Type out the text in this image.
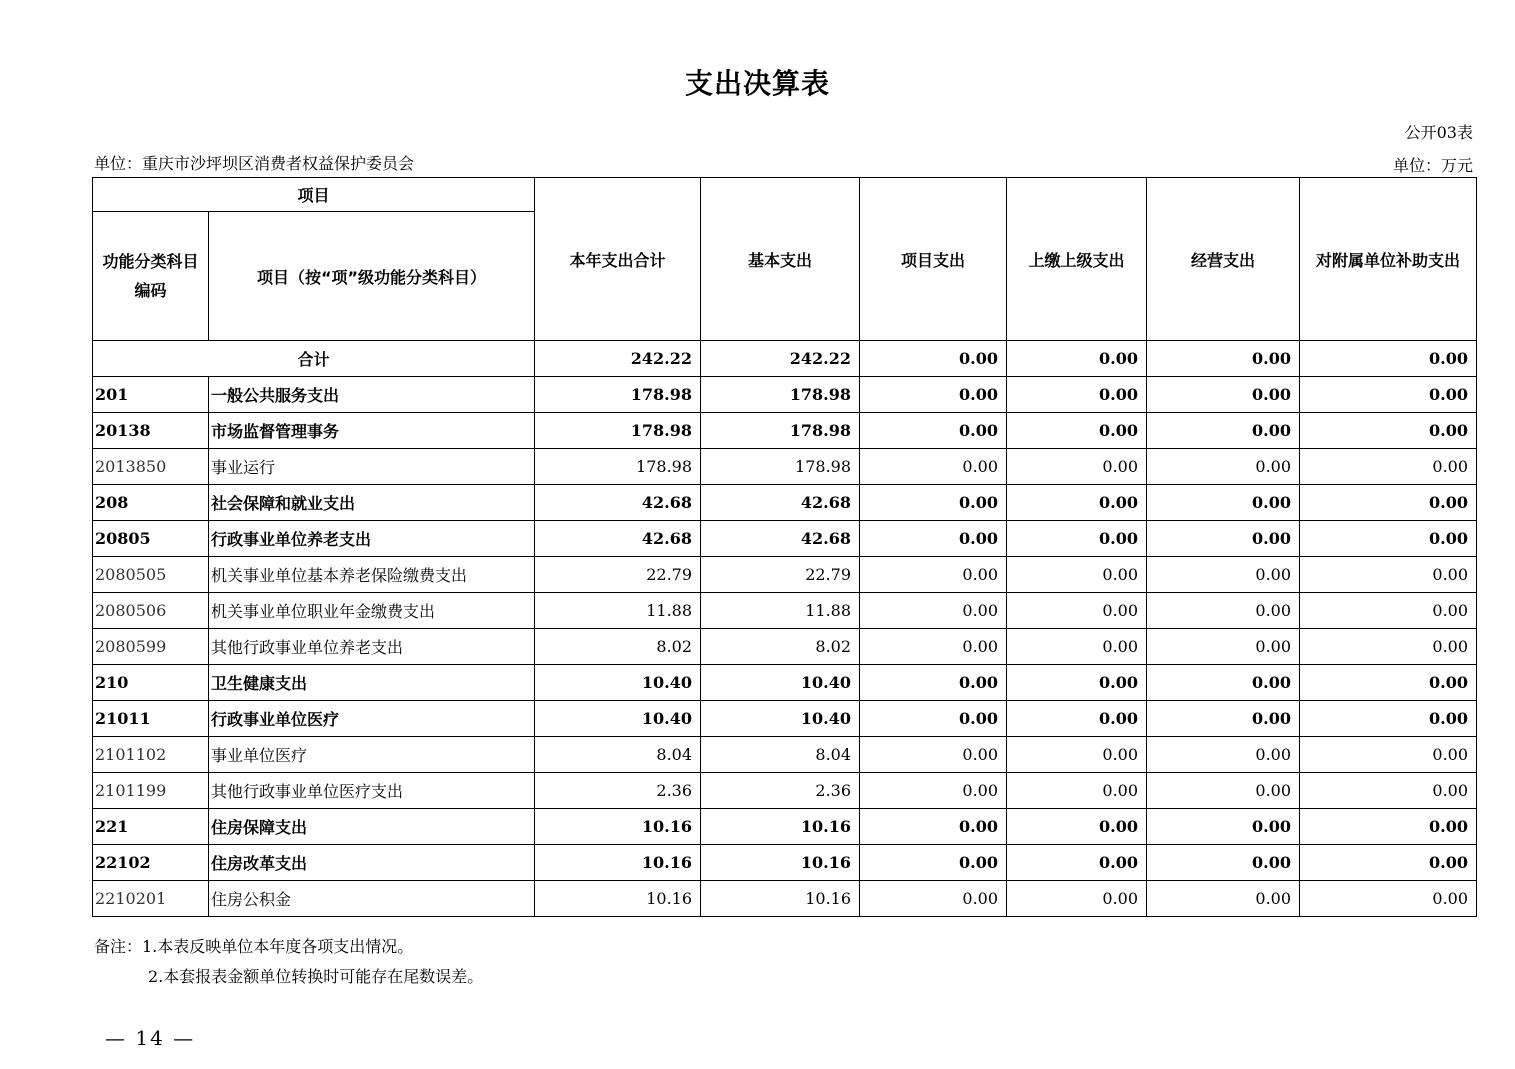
支出决算表
公开03表
单位：重庆市沙坪坝区消费者权益保护委员会	单位：万元
项目		本年支出合计	基本支出	项目支出	上缴上级支出	经营支出	对附属单位补助支出
功能分类科目编码	项目（按“项”级功能分类科目）						
合计		242.22	242.22	0.00	0.00	0.00	0.00
201	一般公共服务支出	178.98	178.98	0.00	0.00	0.00	0.00
20138	市场监督管理事务	178.98	178.98	0.00	0.00	0.00	0.00
2013850	事业运行	178.98	178.98	0.00	0.00	0.00	0.00
208	社会保障和就业支出	42.68	42.68	0.00	0.00	0.00	0.00
20805	行政事业单位养老支出	42.68	42.68	0.00	0.00	0.00	0.00
2080505	机关事业单位基本养老保险缴费支出	22.79	22.79	0.00	0.00	0.00	0.00
2080506	机关事业单位职业年金缴费支出	11.88	11.88	0.00	0.00	0.00	0.00
2080599	其他行政事业单位养老支出	8.02	8.02	0.00	0.00	0.00	0.00
210	卫生健康支出	10.40	10.40	0.00	0.00	0.00	0.00
21011	行政事业单位医疗	10.40	10.40	0.00	0.00	0.00	0.00
2101102	事业单位医疗	8.04	8.04	0.00	0.00	0.00	0.00
2101199	其他行政事业单位医疗支出	2.36	2.36	0.00	0.00	0.00	0.00
221	住房保障支出	10.16	10.16	0.00	0.00	0.00	0.00
22102	住房改革支出	10.16	10.16	0.00	0.00	0.00	0.00
2210201	住房公积金	10.16	10.16	0.00	0.00	0.00	0.00
备注：1.本表反映单位本年度各项支出情况。
2.本套报表金额单位转换时可能存在尾数误差。
— 14 —
